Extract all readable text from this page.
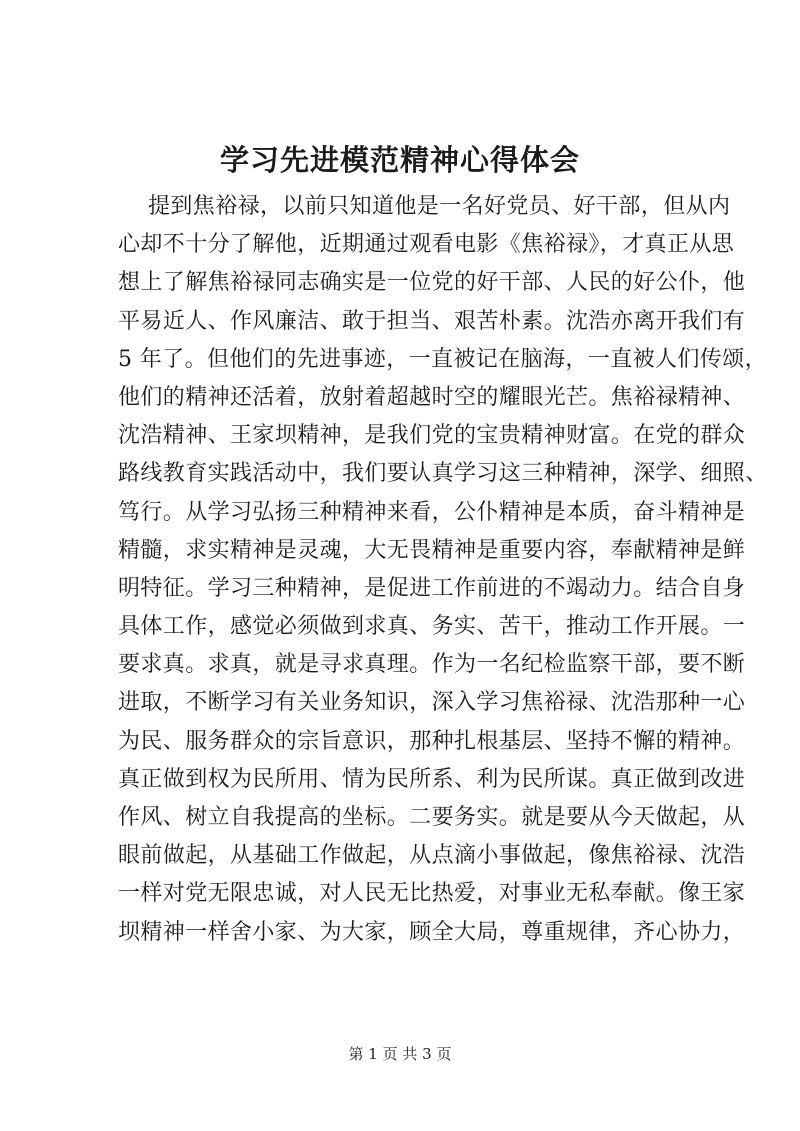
学习先进模范精神心得体会
提到焦裕禄，以前只知道他是一名好党员、好干部，但从内
心却不十分了解他，近期通过观看电影《焦裕禄》，才真正从思
想上了解焦裕禄同志确实是一位党的好干部、人民的好公仆，他
平易近人、作风廉洁、敢于担当、艰苦朴素。沈浩亦离开我们有
5 年了。但他们的先进事迹，一直被记在脑海，一直被人们传颂，
他们的精神还活着，放射着超越时空的耀眼光芒。焦裕禄精神、
沈浩精神、王家坝精神，是我们党的宝贵精神财富。在党的群众
路线教育实践活动中，我们要认真学习这三种精神，深学、细照、
笃行。从学习弘扬三种精神来看，公仆精神是本质，奋斗精神是
精髓，求实精神是灵魂，大无畏精神是重要内容，奉献精神是鲜
明特征。学习三种精神，是促进工作前进的不竭动力。结合自身
具体工作，感觉必须做到求真、务实、苦干，推动工作开展。一
要求真。求真，就是寻求真理。作为一名纪检监察干部，要不断
进取，不断学习有关业务知识，深入学习焦裕禄、沈浩那种一心
为民、服务群众的宗旨意识，那种扎根基层、坚持不懈的精神。
真正做到权为民所用、情为民所系、利为民所谋。真正做到改进
作风、树立自我提高的坐标。二要务实。就是要从今天做起，从
眼前做起，从基础工作做起，从点滴小事做起，像焦裕禄、沈浩
一样对党无限忠诚，对人民无比热爱，对事业无私奉献。像王家
坝精神一样舍小家、为大家，顾全大局，尊重规律，齐心协力，
第 1 页 共 3 页
